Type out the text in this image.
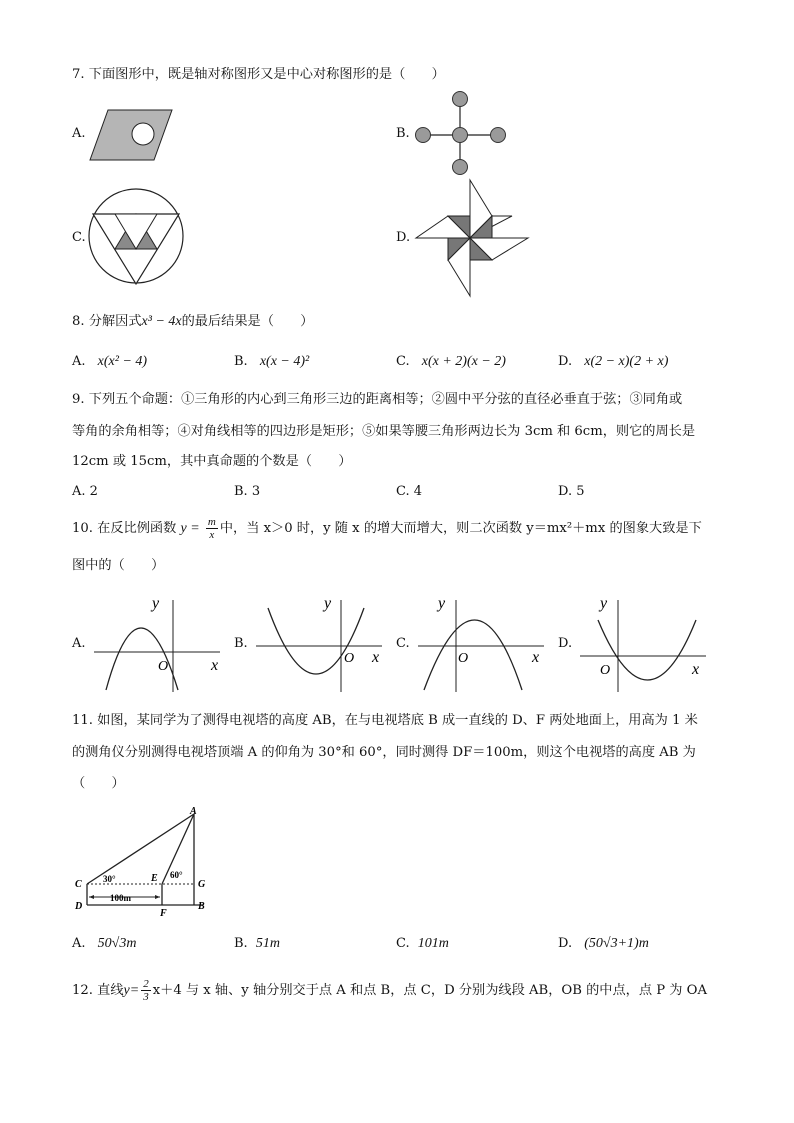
7. 下面图形中，既是轴对称图形又是中心对称图形的是（　　）
A.	B.
C.	D.
8. 分解因式x³ − 4x的最后结果是（　　）
A. x(x² − 4)	B. x(x − 4)²	C. x(x + 2)(x − 2)	D. x(2 − x)(2 + x)
9. 下列五个命题：①三角形的内心到三角形三边的距离相等；②圆中平分弦的直径必垂直于弦；③同角或
等角的余角相等；④对角线相等的四边形是矩形；⑤如果等腰三角形两边长为 3cm 和 6cm，则它的周长是
12cm 或 15cm，其中真命题的个数是（　　）
A. 2	B. 3	C. 4	D. 5
10. 在反比例函数 $y = \frac{m}{x}$ 中，当 x＞0 时，y 随 x 的增大而增大，则二次函数 y＝mx²＋mx 的图象大致是下
图中的（　　）
A.
y
x
O
B.
y
x
O
C.
y
x
O
D.
y
x
O
11. 如图，某同学为了测得电视塔的高度 AB，在与电视塔底 B 成一直线的 D、F 两处地面上，用高为 1 米
的测角仪分别测得电视塔顶端 A 的仰角为 30°和 60°，同时测得 DF＝100m，则这个电视塔的高度 AB 为
（　　）
A
C
E
G
D
F
B
30°	60°
100m
A. 50√3m	B. 51m	C. 101m	D. (50√3+1)m
12. 直线$y= \frac{2}{3} x+4$ 与 x 轴、y 轴分别交于点 A 和点 B，点 C，D 分别为线段 AB，OB 的中点，点 P 为 OA
